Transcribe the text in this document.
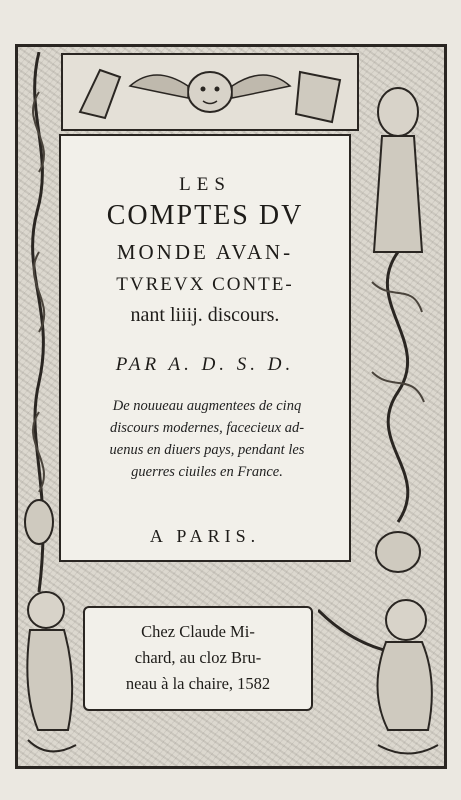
LES
COMPTES DV
MONDE AVAN-
TVREVX CONTE-
nant liiij. discours.
PAR A. D. S. D.
De nouueau augmentees de cinq
discours modernes, facecieux ad-
uenus en diuers pays, pendant les
guerres ciuiles en France.
A PARIS.
Chez Claude Mi-
chard, au cloz Bru-
neau à la chaire, 1582
